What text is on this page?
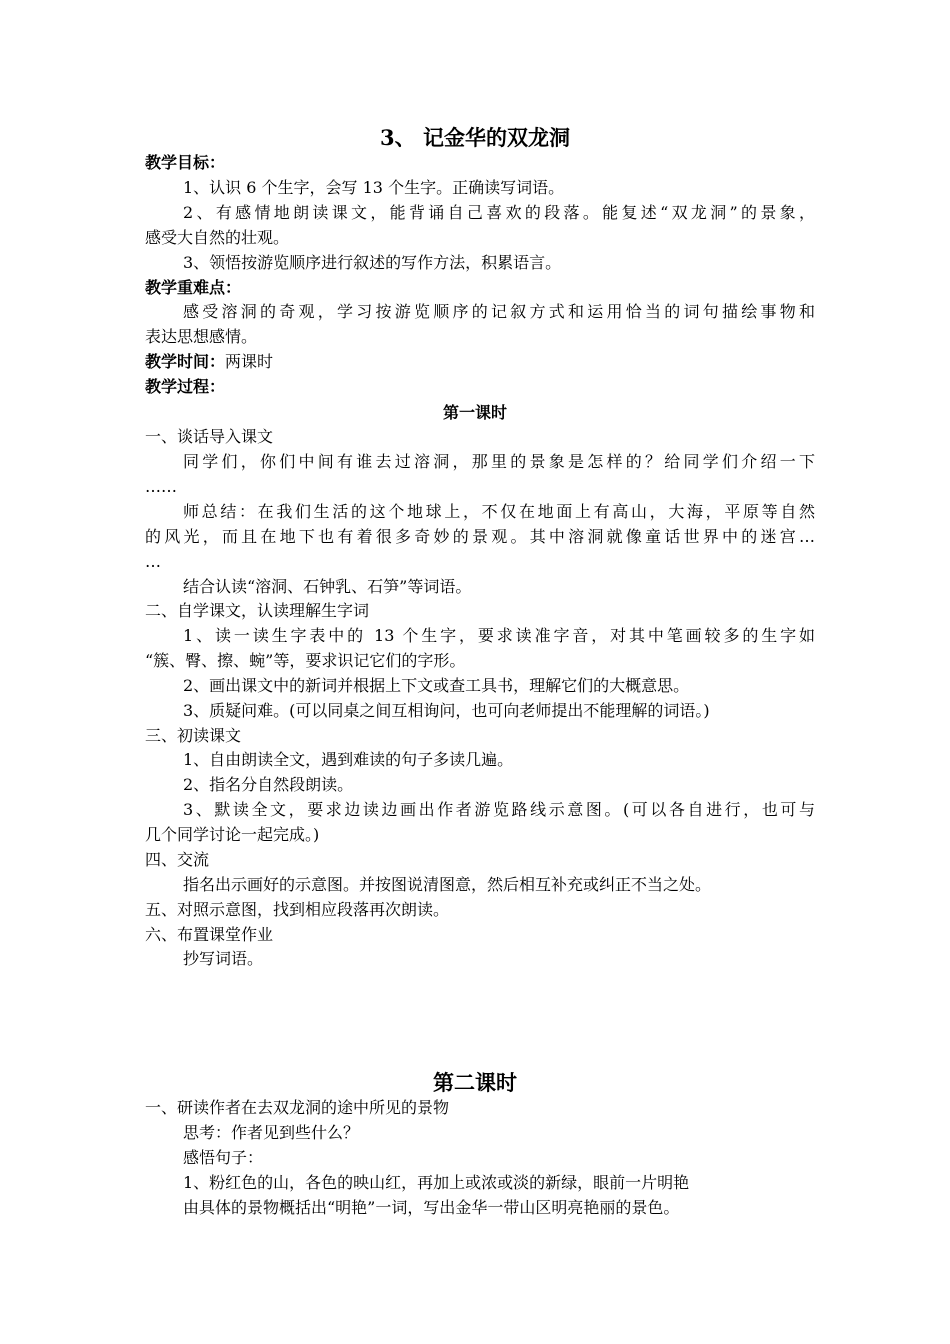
3、 记金华的双龙洞
教学目标：
1、认识 6 个生字，会写 13 个生字。正确读写词语。
2、有感情地朗读课文，能背诵自己喜欢的段落。能复述“双龙洞”的景象，
感受大自然的壮观。
3、领悟按游览顺序进行叙述的写作方法，积累语言。
教学重难点：
感受溶洞的奇观，学习按游览顺序的记叙方式和运用恰当的词句描绘事物和
表达思想感情。
教学时间：两课时
教学过程：
第一课时
一、谈话导入课文
同学们，你们中间有谁去过溶洞，那里的景象是怎样的？给同学们介绍一下
……
师总结：在我们生活的这个地球上，不仅在地面上有高山，大海，平原等自然
的风光，而且在地下也有着很多奇妙的景观。其中溶洞就像童话世界中的迷宫…
…
结合认读“溶洞、石钟乳、石笋”等词语。
二、自学课文，认读理解生字词
1、读一读生字表中的 13 个生字，要求读准字音，对其中笔画较多的生字如
“簇、臀、擦、蜿”等，要求识记它们的字形。
2、画出课文中的新词并根据上下文或查工具书，理解它们的大概意思。
3、质疑问难。(可以同桌之间互相询问，也可向老师提出不能理解的词语。)
三、初读课文
1、自由朗读全文，遇到难读的句子多读几遍。
2、指名分自然段朗读。
3、默读全文，要求边读边画出作者游览路线示意图。(可以各自进行，也可与
几个同学讨论一起完成。)
四、交流
指名出示画好的示意图。并按图说清图意，然后相互补充或纠正不当之处。
五、对照示意图，找到相应段落再次朗读。
六、布置课堂作业
抄写词语。
第二课时
一、研读作者在去双龙洞的途中所见的景物
思考：作者见到些什么？
感悟句子：
1、粉红色的山，各色的映山红，再加上或浓或淡的新绿，眼前一片明艳
由具体的景物概括出“明艳”一词，写出金华一带山区明亮艳丽的景色。
